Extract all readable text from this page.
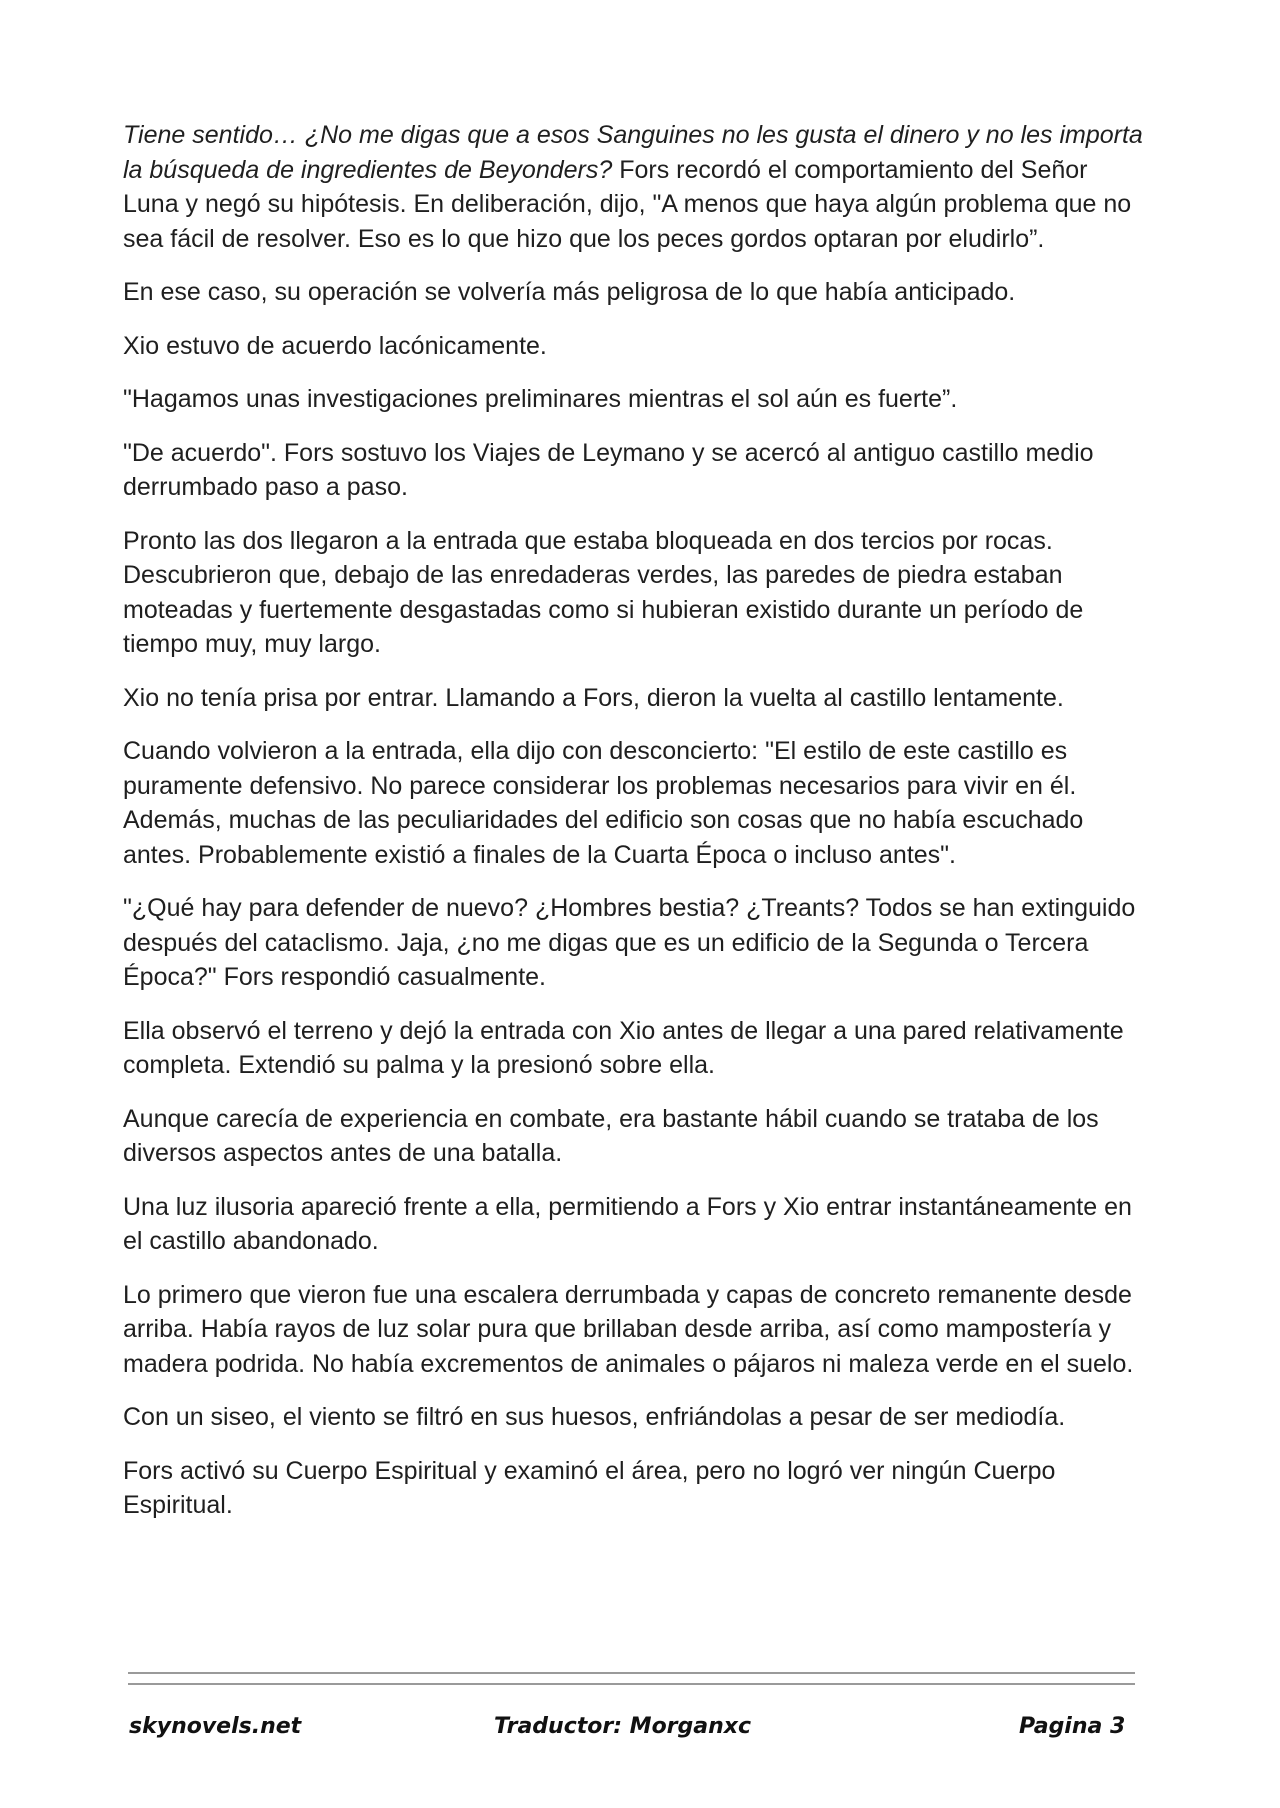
Tiene sentido… ¿No me digas que a esos Sanguines no les gusta el dinero y no les importa la búsqueda de ingredientes de Beyonders? Fors recordó el comportamiento del Señor Luna y negó su hipótesis. En deliberación, dijo, "A menos que haya algún problema que no sea fácil de resolver. Eso es lo que hizo que los peces gordos optaran por eludirlo”.

En ese caso, su operación se volvería más peligrosa de lo que había anticipado.

Xio estuvo de acuerdo lacónicamente.

"Hagamos unas investigaciones preliminares mientras el sol aún es fuerte”.

"De acuerdo". Fors sostuvo los Viajes de Leymano y se acercó al antiguo castillo medio derrumbado paso a paso.

Pronto las dos llegaron a la entrada que estaba bloqueada en dos tercios por rocas. Descubrieron que, debajo de las enredaderas verdes, las paredes de piedra estaban moteadas y fuertemente desgastadas como si hubieran existido durante un período de tiempo muy, muy largo.

Xio no tenía prisa por entrar. Llamando a Fors, dieron la vuelta al castillo lentamente.

Cuando volvieron a la entrada, ella dijo con desconcierto: "El estilo de este castillo es puramente defensivo. No parece considerar los problemas necesarios para vivir en él. Además, muchas de las peculiaridades del edificio son cosas que no había escuchado antes. Probablemente existió a finales de la Cuarta Época o incluso antes".

"¿Qué hay para defender de nuevo? ¿Hombres bestia? ¿Treants? Todos se han extinguido después del cataclismo. Jaja, ¿no me digas que es un edificio de la Segunda o Tercera Época?" Fors respondió casualmente.

Ella observó el terreno y dejó la entrada con Xio antes de llegar a una pared relativamente completa. Extendió su palma y la presionó sobre ella.

Aunque carecía de experiencia en combate, era bastante hábil cuando se trataba de los diversos aspectos antes de una batalla.

Una luz ilusoria apareció frente a ella, permitiendo a Fors y Xio entrar instantáneamente en el castillo abandonado.

Lo primero que vieron fue una escalera derrumbada y capas de concreto remanente desde arriba. Había rayos de luz solar pura que brillaban desde arriba, así como mampostería y madera podrida. No había excrementos de animales o pájaros ni maleza verde en el suelo.

Con un siseo, el viento se filtró en sus huesos, enfriándolas a pesar de ser mediodía.

Fors activó su Cuerpo Espiritual y examinó el área, pero no logró ver ningún Cuerpo Espiritual.

skynovels.net	Traductor: Morganxc	Pagina 3
